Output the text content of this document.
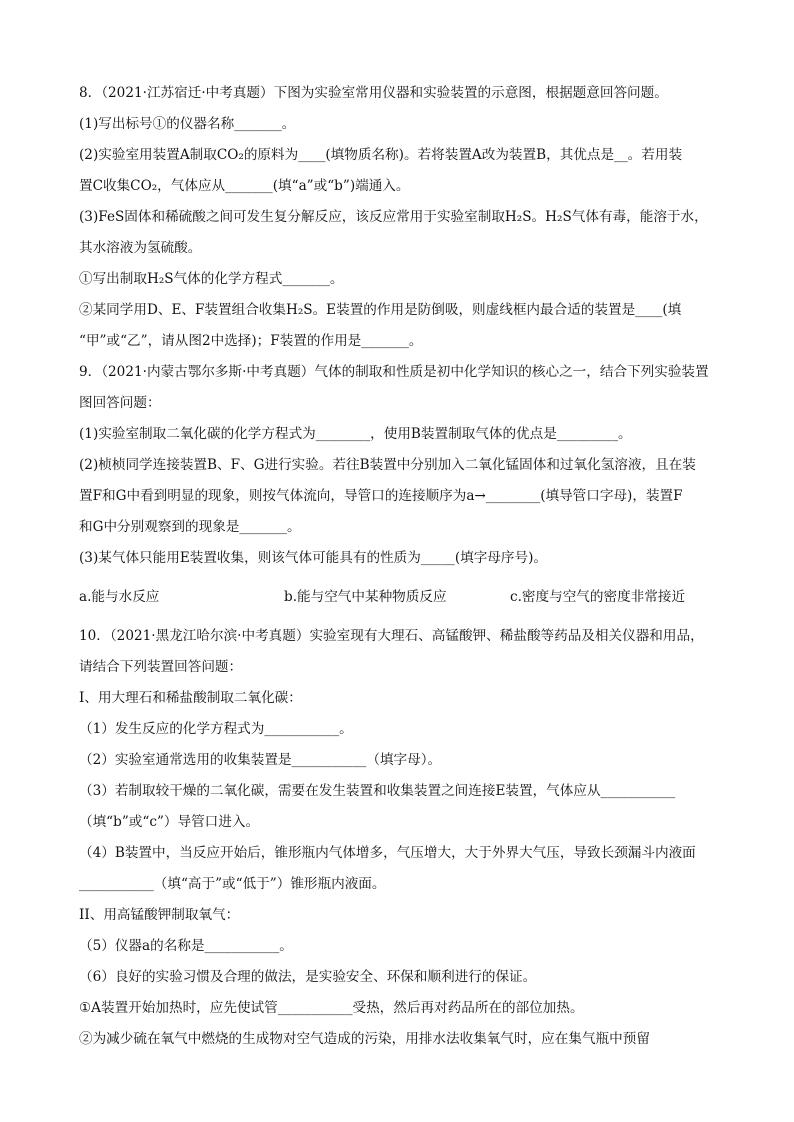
8．（2021·江苏宿迁·中考真题）下图为实验室常用仪器和实验装置的示意图，根据题意回答问题。
(1)写出标号①的仪器名称_______。
(2)实验室用装置A制取CO₂的原料为____(填物质名称)。若将装置A改为装置B，其优点是__。若用装
置C收集CO₂，气体应从_______(填“a”或“b”)端通入。
(3)FeS固体和稀硫酸之间可发生复分解反应，该反应常用于实验室制取H₂S。H₂S气体有毒，能溶于水，
其水溶液为氢硫酸。
①写出制取H₂S气体的化学方程式_______。
②某同学用D、E、F装置组合收集H₂S。E装置的作用是防倒吸，则虚线框内最合适的装置是____(填
“甲”或“乙”，请从图2中选择)；F装置的作用是_______。
9．（2021·内蒙古鄂尔多斯·中考真题）气体的制取和性质是初中化学知识的核心之一，结合下列实验装置
图回答问题：
(1)实验室制取二氧化碳的化学方程式为________，使用B装置制取气体的优点是_________。
(2)桢桢同学连接装置B、F、G进行实验。若往B装置中分别加入二氧化锰固体和过氧化氢溶液，且在装
置F和G中看到明显的现象，则按气体流向，导管口的连接顺序为a→________(填导管口字母)，装置F
和G中分别观察到的现象是_______。
(3)某气体只能用E装置收集，则该气体可能具有的性质为_____(填字母序号)。
a.能与水反应	b.能与空气中某种物质反应	c.密度与空气的密度非常接近
10．（2021·黑龙江哈尔滨·中考真题）实验室现有大理石、高锰酸钾、稀盐酸等药品及相关仪器和用品，
请结合下列装置回答问题：
I、用大理石和稀盐酸制取二氧化碳：
（1）发生反应的化学方程式为___________。
（2）实验室通常选用的收集装置是___________（填字母）。
（3）若制取较干燥的二氧化碳，需要在发生装置和收集装置之间连接E装置，气体应从___________
（填“b”或“c”）导管口进入。
（4）B装置中，当反应开始后，锥形瓶内气体增多，气压增大，大于外界大气压，导致长颈漏斗内液面
___________（填“高于”或“低于”）锥形瓶内液面。
II、用高锰酸钾制取氧气：
（5）仪器a的名称是___________。
（6）良好的实验习惯及合理的做法，是实验安全、环保和顺利进行的保证。
①A装置开始加热时，应先使试管___________受热，然后再对药品所在的部位加热。
②为减少硫在氧气中燃烧的生成物对空气造成的污染，用排水法收集氧气时，应在集气瓶中预留
